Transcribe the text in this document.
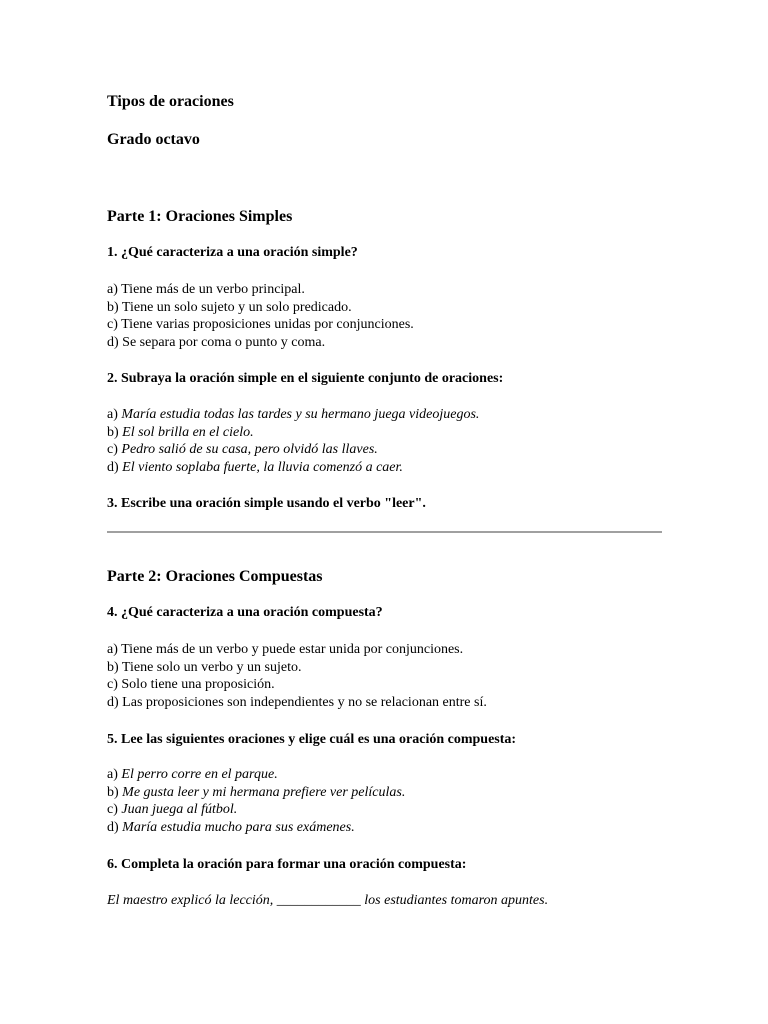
Tipos de oraciones
Grado octavo
Parte 1: Oraciones Simples
1. ¿Qué caracteriza a una oración simple?
a) Tiene más de un verbo principal.
b) Tiene un solo sujeto y un solo predicado.
c) Tiene varias proposiciones unidas por conjunciones.
d) Se separa por coma o punto y coma.
2. Subraya la oración simple en el siguiente conjunto de oraciones:
a) María estudia todas las tardes y su hermano juega videojuegos.
b) El sol brilla en el cielo.
c) Pedro salió de su casa, pero olvidó las llaves.
d) El viento soplaba fuerte, la lluvia comenzó a caer.
3. Escribe una oración simple usando el verbo "leer".
Parte 2: Oraciones Compuestas
4. ¿Qué caracteriza a una oración compuesta?
a) Tiene más de un verbo y puede estar unida por conjunciones.
b) Tiene solo un verbo y un sujeto.
c) Solo tiene una proposición.
d) Las proposiciones son independientes y no se relacionan entre sí.
5. Lee las siguientes oraciones y elige cuál es una oración compuesta:
a) El perro corre en el parque.
b) Me gusta leer y mi hermana prefiere ver películas.
c) Juan juega al fútbol.
d) María estudia mucho para sus exámenes.
6. Completa la oración para formar una oración compuesta:
El maestro explicó la lección, ____________ los estudiantes tomaron apuntes.
